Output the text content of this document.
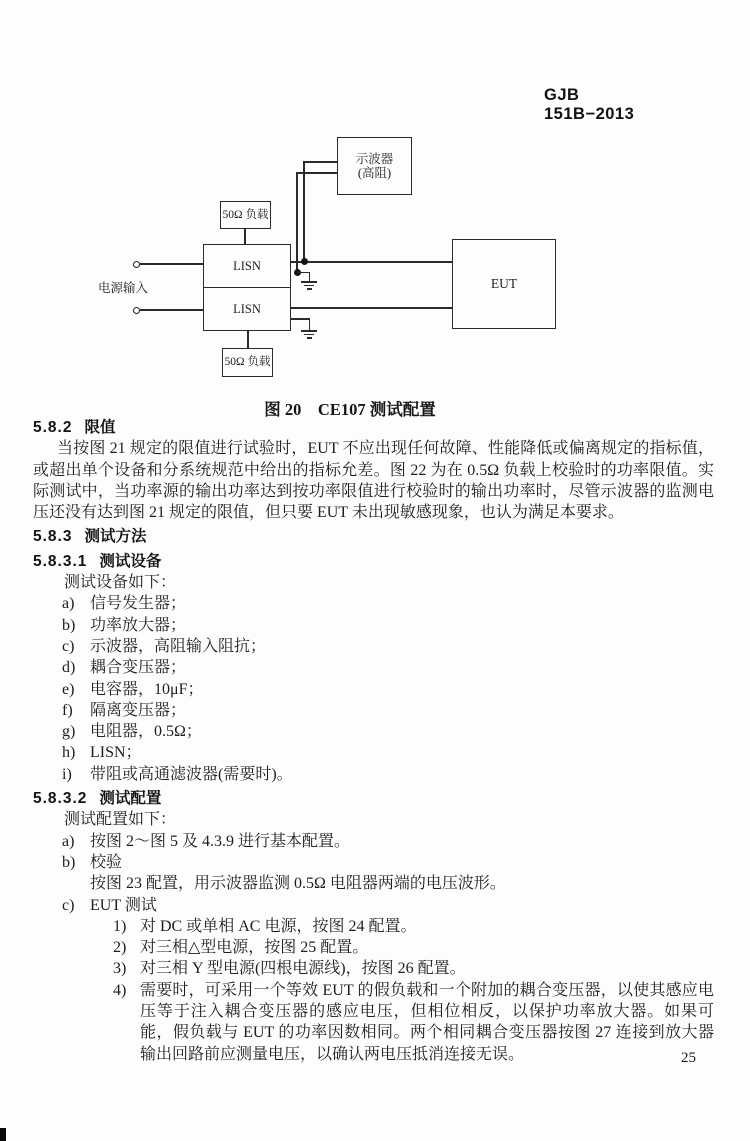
GJB 151B−2013
示波器
(高阻)
50Ω 负载
LISN
LISN
50Ω 负载
EUT
电源输入
图 20　CE107 测试配置

5.8.2 限值

当按图 21 规定的限值进行试验时，EUT 不应出现任何故障、性能降低或偏离规定的指标值，或超出单个设备和分系统规范中给出的指标允差。图 22 为在 0.5Ω 负载上校验时的功率限值。实际测试中，当功率源的输出功率达到按功率限值进行校验时的输出功率时，尽管示波器的监测电压还没有达到图 21 规定的限值，但只要 EUT 未出现敏感现象，也认为满足本要求。

5.8.3 测试方法

5.8.3.1 测试设备

测试设备如下：

a) 信号发生器；
b) 功率放大器；
c) 示波器，高阻输入阻抗；
d) 耦合变压器；
e) 电容器，10μF；
f)	隔离变压器；
g) 电阻器，0.5Ω；
h) LISN；
i)	带阻或高通滤波器(需要时)。

5.8.3.2 测试配置

测试配置如下：

a) 按图 2～图 5 及 4.3.9 进行基本配置。
b) 校验
按图 23 配置，用示波器监测 0.5Ω 电阻器两端的电压波形。
c) EUT 测试
1) 对 DC 或单相 AC 电源，按图 24 配置。
2) 对三相△型电源，按图 25 配置。
3) 对三相 Y 型电源(四根电源线)，按图 26 配置。
4) 需要时，可采用一个等效 EUT 的假负载和一个附加的耦合变压器，以使其感应电压等于注入耦合变压器的感应电压，但相位相反，以保护功率放大器。如果可能，假负载与 EUT 的功率因数相同。两个相同耦合变压器按图 27 连接到放大器输出回路前应测量电压，以确认两电压抵消连接无误。	25
